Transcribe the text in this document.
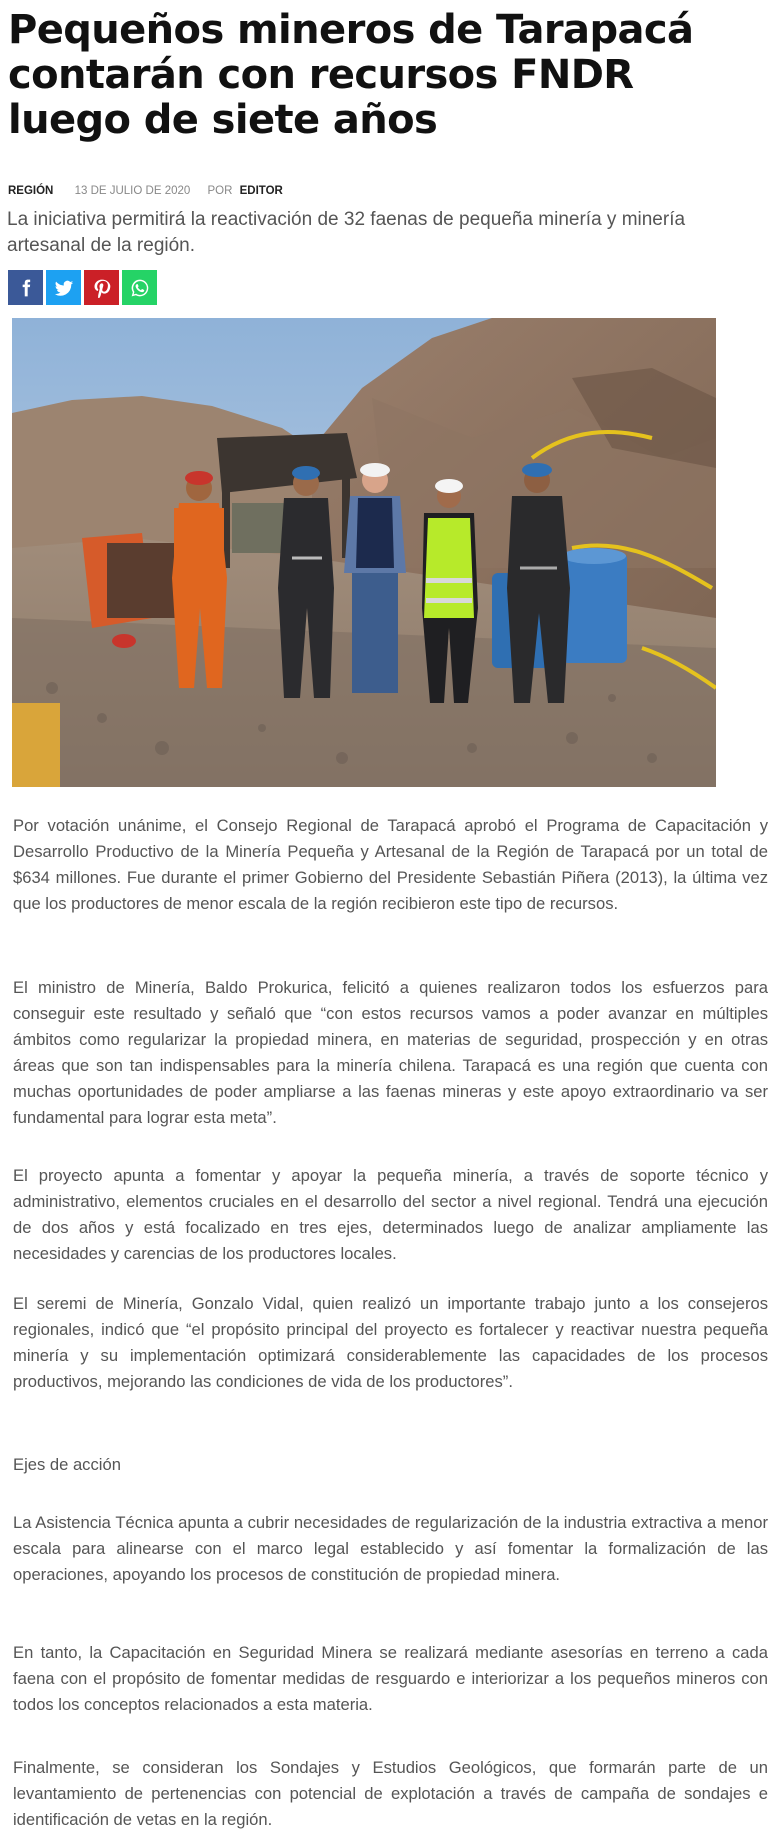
Pequeños mineros de Tarapacá contarán con recursos FNDR luego de siete años
REGIÓN 13 DE JULIO DE 2020 POR EDITOR

La iniciativa permitirá la reactivación de 32 faenas de pequeña minería y minería artesanal de la región.

Por votación unánime, el Consejo Regional de Tarapacá aprobó el Programa de Capacitación y Desarrollo Productivo de la Minería Pequeña y Artesanal de la Región de Tarapacá por un total de $634 millones. Fue durante el primer Gobierno del Presidente Sebastián Piñera (2013), la última vez que los productores de menor escala de la región recibieron este tipo de recursos.

El ministro de Minería, Baldo Prokurica, felicitó a quienes realizaron todos los esfuerzos para conseguir este resultado y señaló que “con estos recursos vamos a poder avanzar en múltiples ámbitos como regularizar la propiedad minera, en materias de seguridad, prospección y en otras áreas que son tan indispensables para la minería chilena. Tarapacá es una región que cuenta con muchas oportunidades de poder ampliarse a las faenas mineras y este apoyo extraordinario va ser fundamental para lograr esta meta”.

El proyecto apunta a fomentar y apoyar la pequeña minería, a través de soporte técnico y administrativo, elementos cruciales en el desarrollo del sector a nivel regional. Tendrá una ejecución de dos años y está focalizado en tres ejes, determinados luego de analizar ampliamente las necesidades y carencias de los productores locales.

El seremi de Minería, Gonzalo Vidal, quien realizó un importante trabajo junto a los consejeros regionales, indicó que “el propósito principal del proyecto es fortalecer y reactivar nuestra pequeña minería y su implementación optimizará considerablemente las capacidades de los procesos productivos, mejorando las condiciones de vida de los productores”.

Ejes de acción

La Asistencia Técnica apunta a cubrir necesidades de regularización de la industria extractiva a menor escala para alinearse con el marco legal establecido y así fomentar la formalización de las operaciones, apoyando los procesos de constitución de propiedad minera.

En tanto, la Capacitación en Seguridad Minera se realizará mediante asesorías en terreno a cada faena con el propósito de fomentar medidas de resguardo e interiorizar a los pequeños mineros con todos los conceptos relacionados a esta materia.

Finalmente, se consideran los Sondajes y Estudios Geológicos, que formarán parte de un levantamiento de pertenencias con potencial de explotación a través de campaña de sondajes e identificación de vetas en la región.
